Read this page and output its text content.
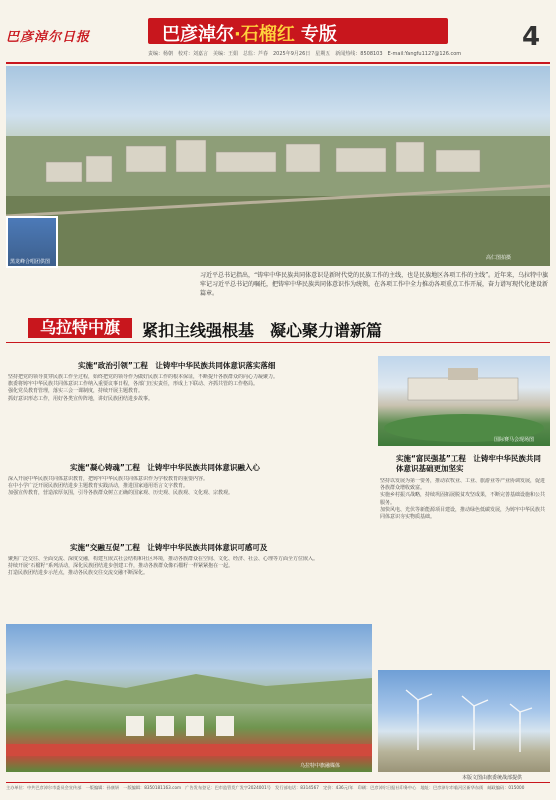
巴彦淖尔日报	巴彦淖尔·石榴红 专版	4
责编：杨朝　校对：刘嘉言　美编：王娟　总监：芦春　2025年9月26日　星期五　新闻热线：8508103　E-mail:Yangfu1127@126.com
黑龙峰合唱团供图
高仁图拍摄
习近平总书记指出，“铸牢中华民族共同体意识是新时代党的民族工作的主线，也是民族地区各项工作的主线”。近年来，乌拉特中旗牢记习近平总书记的嘱托，把铸牢中华民族共同体意识作为统领，在各项工作中全力推动各项重点工作开展，奋力谱写现代化建设新篇章。
乌拉特中旗	紧扣主线强根基　凝心聚力谱新篇
实施“政治引领”工程　让铸牢中华民族共同体意识落实落细
坚持把党的领导贯穿民族工作全过程，始终把党的领导作为做好民族工作的根本保证，不断提升各族群众的向心力凝聚力。
旗委将铸牢中华民族共同体意识工作纳入重要议事日程，各部门压实责任，形成上下联动、齐抓共管的工作格局。
强化党员教育管理，落实三会一课制度，持续开展主题教育。
抓好意识形态工作，用好各类宣传阵地，讲好民族团结进步故事。
国际赛马会现场图
实施“凝心铸魂”工程　让铸牢中华民族共同体意识融入心
深入开展中华民族共同体意识教育，把铸牢中华民族共同体意识作为学校教育的重要内容。
在中小学广泛开展民族团结进步主题教育实践活动，推进国家通用语言文字教育。
加强宣传教育，营造浓厚氛围，引导各族群众树立正确的国家观、历史观、民族观、文化观、宗教观。
实施“富民强基”工程　让铸牢中华民族共同体意识基础更加坚实
坚持以发展为第一要务，推动农牧业、工业、旅游业等产业协调发展，促进各族群众增收致富。
实施乡村振兴战略，持续巩固拓展脱贫攻坚成果，不断完善基础设施和公共服务。
加快风电、光伏等新能源项目建设，推动绿色低碳发展，为铸牢中华民族共同体意识夯实物质基础。
实施“交融互促”工程　让铸牢中华民族共同体意识可感可及
聚焦广泛交往、全面交流、深度交融，构建互嵌式社会结构和社区环境，推动各族群众在空间、文化、经济、社会、心理等方面全方位嵌入。
持续开展“石榴籽”系列活动，深化民族团结进步创建工作，推动各族群众像石榴籽一样紧紧抱在一起。
打造民族团结进步示范点，推动各民族交往交流交融不断深化。
乌拉特中旗融媒体
本版文图由旗委统战部提供
主办单位：中共巴彦淖尔市委员会宣传部　一版编辑：孙康妍　一版编辑：8350181163.com　广告发布登记：巴市监管发广发字2024001号　发行部电话：8314567　定价：436元/年　印刷：巴彦淖尔日报社印务中心　地址：巴彦淖尔市临河区新华东街　邮政编码：015000
